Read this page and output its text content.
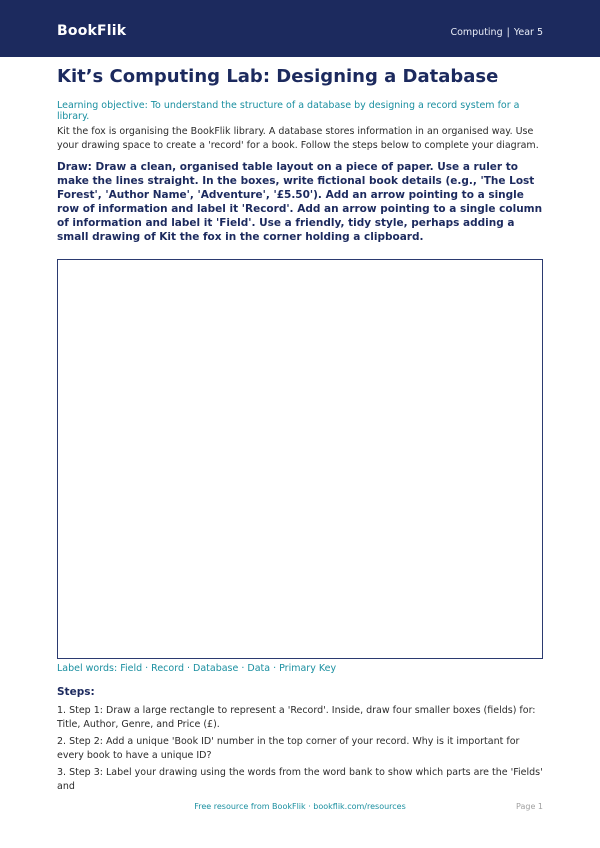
BookFlik	Computing | Year 5
Kit’s Computing Lab: Designing a Database
Learning objective: To understand the structure of a database by designing a record system for a library.
Kit the fox is organising the BookFlik library. A database stores information in an organised way. Use your drawing space to create a 'record' for a book. Follow the steps below to complete your diagram.
Draw: Draw a clean, organised table layout on a piece of paper. Use a ruler to make the lines straight. In the boxes, write fictional book details (e.g., 'The Lost Forest', 'Author Name', 'Adventure', '£5.50'). Add an arrow pointing to a single row of information and label it 'Record'. Add an arrow pointing to a single column of information and label it 'Field'. Use a friendly, tidy style, perhaps adding a small drawing of Kit the fox in the corner holding a clipboard.
Label words: Field · Record · Database · Data · Primary Key
Steps:
1. Step 1: Draw a large rectangle to represent a 'Record'. Inside, draw four smaller boxes (fields) for: Title, Author, Genre, and Price (£).
2. Step 2: Add a unique 'Book ID' number in the top corner of your record. Why is it important for every book to have a unique ID?
3. Step 3: Label your drawing using the words from the word bank to show which parts are the 'Fields' and
Free resource from BookFlik · bookflik.com/resources	Page 1
